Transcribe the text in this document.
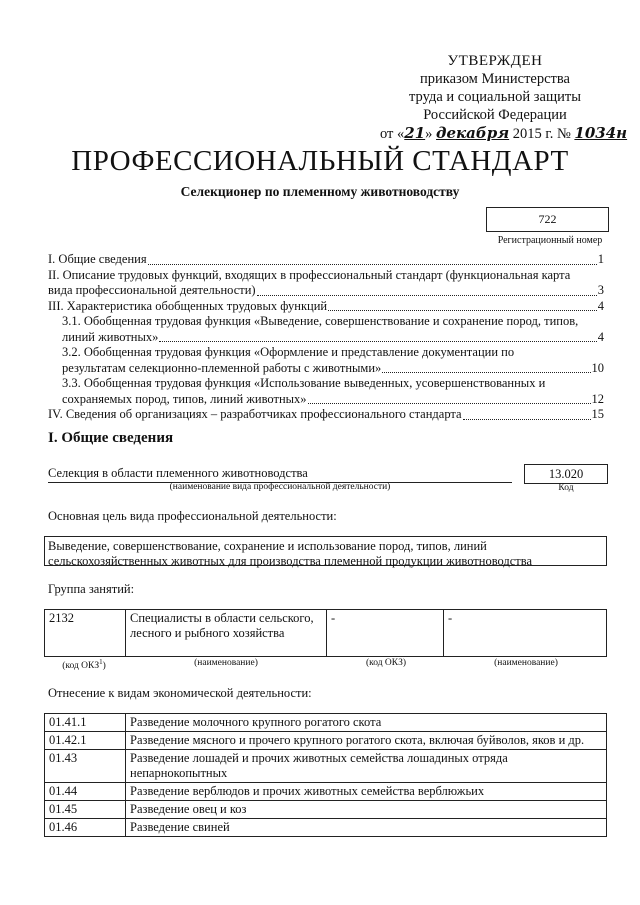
УТВЕРЖДЕН
приказом Министерства
труда и социальной защиты
Российской Федерации
от «21» декабря 2015 г. № 1034н
ПРОФЕССИОНАЛЬНЫЙ СТАНДАРТ
Селекционер по племенному животноводству
722
Регистрационный номер
I. Общие сведения	1
II. Описание трудовых функций, входящих в профессиональный стандарт (функциональная карта
вида профессиональной деятельности)	3
III. Характеристика обобщенных трудовых функций	4
3.1. Обобщенная трудовая функция «Выведение, совершенствование и сохранение пород, типов,
линий животных»	4
3.2. Обобщенная трудовая функция «Оформление и представление документации по
результатам селекционно-племенной работы с животными»	10
3.3. Обобщенная трудовая функция «Использование выведенных, усовершенствованных и
сохраняемых пород, типов, линий животных»	12
IV. Сведения об организациях – разработчиках профессионального стандарта	15
I. Общие сведения
Селекция в области племенного животноводства
(наименование вида профессиональной деятельности)
13.020
Код
Основная цель вида профессиональной деятельности:
Выведение, совершенствование, сохранение и использование пород, типов, линий сельскохозяйственных животных для производства племенной продукции животноводства
Группа занятий:
2132	Специалисты в области сельского, лесного и рыбного хозяйства	-	-
(код ОКЗ$^1$)	(наименование)	(код ОКЗ)	(наименование)
Отнесение к видам экономической деятельности:
01.41.1	Разведение молочного крупного рогатого скота
01.42.1	Разведение мясного и прочего крупного рогатого скота, включая буйволов, яков и др.
01.43	Разведение лошадей и прочих животных семейства лошадиных отряда непарнокопытных
01.44	Разведение верблюдов и прочих животных семейства верблюжьих
01.45	Разведение овец и коз
01.46	Разведение свиней
